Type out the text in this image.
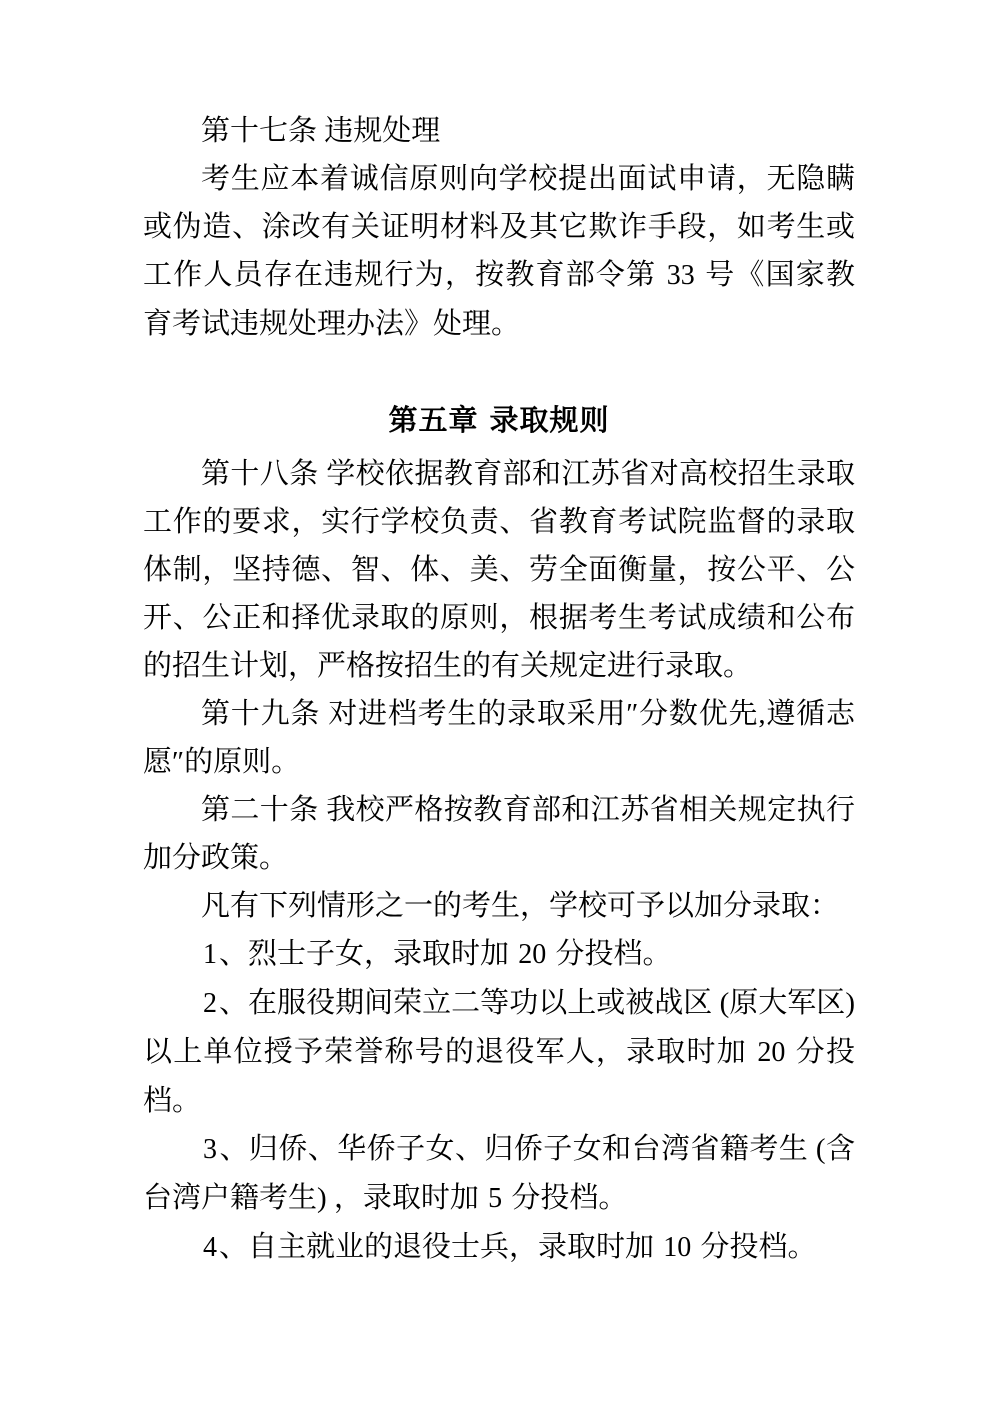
第十七条 违规处理

考生应本着诚信原则向学校提出面试申请，无隐瞒或伪造、涂改有关证明材料及其它欺诈手段，如考生或工作人员存在违规行为，按教育部令第 33 号《国家教育考试违规处理办法》处理。

第五章 录取规则

第十八条 学校依据教育部和江苏省对高校招生录取工作的要求，实行学校负责、省教育考试院监督的录取体制，坚持德、智、体、美、劳全面衡量，按公平、公开、公正和择优录取的原则，根据考生考试成绩和公布的招生计划，严格按招生的有关规定进行录取。

第十九条 对进档考生的录取采用″分数优先,遵循志愿″的原则。

第二十条 我校严格按教育部和江苏省相关规定执行加分政策。

凡有下列情形之一的考生，学校可予以加分录取：

1、烈士子女，录取时加 20 分投档。

2、在服役期间荣立二等功以上或被战区 (原大军区) 以上单位授予荣誉称号的退役军人，录取时加 20 分投档。

3、归侨、华侨子女、归侨子女和台湾省籍考生 (含台湾户籍考生) ，录取时加 5 分投档。

4、自主就业的退役士兵，录取时加 10 分投档。
